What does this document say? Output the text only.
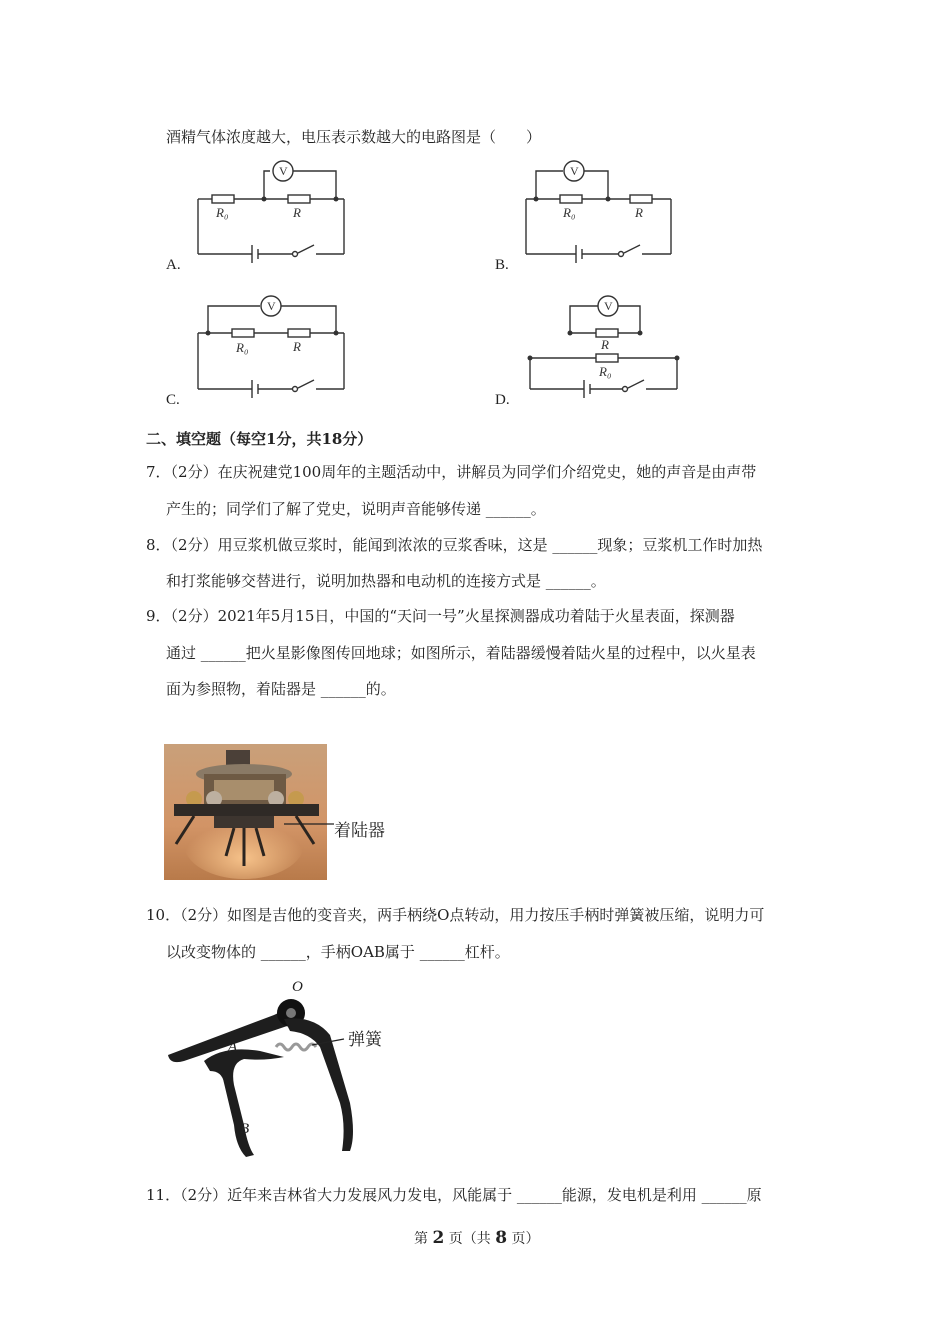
酒精气体浓度越大，电压表示数越大的电路图是（　　）
A.
V
R₀	R
B.
V
R₀	R
C.
V
R₀	R
D.
V
R
R₀
二、填空题（每空1分，共18分）
7．（2分）在庆祝建党100周年的主题活动中，讲解员为同学们介绍党史，她的声音是由声带
产生的；同学们了解了党史，说明声音能够传递 ______。
8．（2分）用豆浆机做豆浆时，能闻到浓浓的豆浆香味，这是 ______现象；豆浆机工作时加热
和打浆能够交替进行，说明加热器和电动机的连接方式是 ______。
9．（2分）2021年5月15日，中国的“天问一号”火星探测器成功着陆于火星表面，探测器
通过 ______把火星影像图传回地球；如图所示，着陆器缓慢着陆火星的过程中，以火星表
面为参照物，着陆器是 ______的。
着陆器
10．（2分）如图是吉他的变音夹，两手柄绕O点转动，用力按压手柄时弹簧被压缩，说明力可
以改变物体的 ______，手柄OAB属于 ______杠杆。
弹簧
O
A
B
11．（2分）近年来吉林省大力发展风力发电，风能属于 ______能源，发电机是利用 ______原
第 2 页（共 8 页）
